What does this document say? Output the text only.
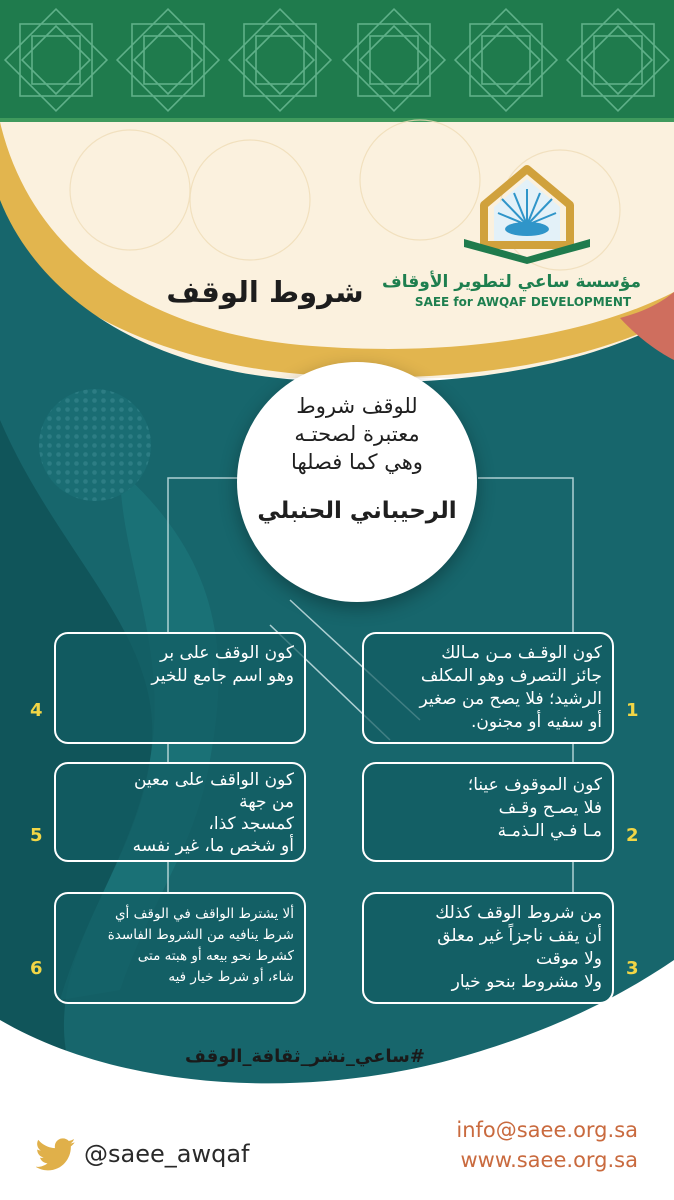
مؤسسة ساعي لتطوير الأوقاف
SAEE for AWQAF DEVELOPMENT
شروط الوقف
للوقف شروط
معتبرة لصحتـه
وهي كما فصلها
الرحيباني الحنبلي
كون الوقـف مـن مـالك
جائز التصرف وهو المكلف
الرشيد؛ فلا يصح من صغير
أو سفيه أو مجنون.
1
كون الموقوف عينا؛
فلا يصـح وقـف
مـا فـي الـذمـة 2
من شروط الوقف كذلك
أن يقف ناجزاً غير معلق
ولا موقت
ولا مشروط بنحو خيار
3
كون الوقف على بر
وهو اسم جامع للخير
4
كون الواقف على معين
من جهة
كمسجد كذا،
أو شخص ما، غير نفسه
5
ألا يشترط الواقف في الوقف أي
شرط ينافيه من الشروط الفاسدة
كشرط نحو بيعه أو هبته متى
شاء، أو شرط خيار فيه
6
#ساعي_نشر_ثقافة_الوقف
@saee_awqaf
info@saee.org.sa
www.saee.org.sa
